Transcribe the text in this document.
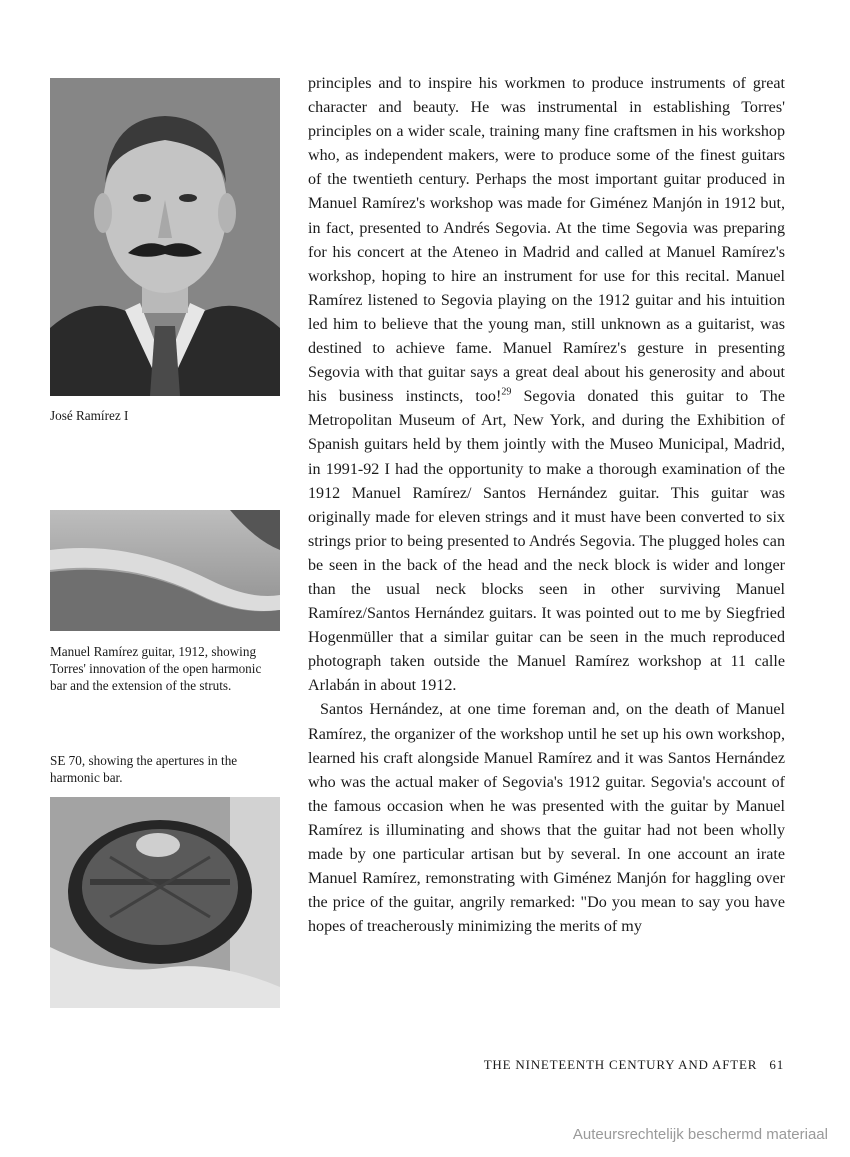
José Ramírez I
Manuel Ramírez guitar, 1912, showing Torres' innovation of the open harmonic bar and the extension of the struts.
SE 70, showing the apertures in the harmonic bar.

principles and to inspire his workmen to produce instruments of great character and beauty. He was instrumental in establishing Torres' principles on a wider scale, training many fine craftsmen in his workshop who, as independent makers, were to produce some of the finest guitars of the twentieth century. Perhaps the most important guitar produced in Manuel Ramírez's workshop was made for Giménez Manjón in 1912 but, in fact, presented to Andrés Segovia. At the time Segovia was preparing for his concert at the Ateneo in Madrid and called at Manuel Ramírez's workshop, hoping to hire an instrument for use for this recital. Manuel Ramírez listened to Segovia playing on the 1912 guitar and his intuition led him to believe that the young man, still unknown as a guitarist, was destined to achieve fame. Manuel Ramírez's gesture in presenting Segovia with that guitar says a great deal about his generosity and about his business instincts, too!$^{29}$ Segovia donated this guitar to The Metropolitan Museum of Art, New York, and during the Exhibition of Spanish guitars held by them jointly with the Museo Municipal, Madrid, in 1991-92 I had the opportunity to make a thorough examination of the 1912 Manuel Ramírez/ Santos Hernández guitar. This guitar was originally made for eleven strings and it must have been converted to six strings prior to being presented to Andrés Segovia. The plugged holes can be seen in the back of the head and the neck block is wider and longer than the usual neck blocks seen in other surviving Manuel Ramírez/Santos Hernández guitars. It was pointed out to me by Siegfried Hogenmüller that a similar guitar can be seen in the much reproduced photograph taken outside the Manuel Ramírez workshop at 11 calle Arlabán in about 1912.

Santos Hernández, at one time foreman and, on the death of Manuel Ramírez, the organizer of the workshop until he set up his own workshop, learned his craft alongside Manuel Ramírez and it was Santos Hernández who was the actual maker of Segovia's 1912 guitar. Segovia's account of the famous occasion when he was presented with the guitar by Manuel Ramírez is illuminating and shows that the guitar had not been wholly made by one particular artisan but by several. In one account an irate Manuel Ramírez, remonstrating with Giménez Manjón for haggling over the price of the guitar, angrily remarked: "Do you mean to say you have hopes of treacherously minimizing the merits of my

THE NINETEENTH CENTURY AND AFTER 61
Auteursrechtelijk beschermd materiaal
